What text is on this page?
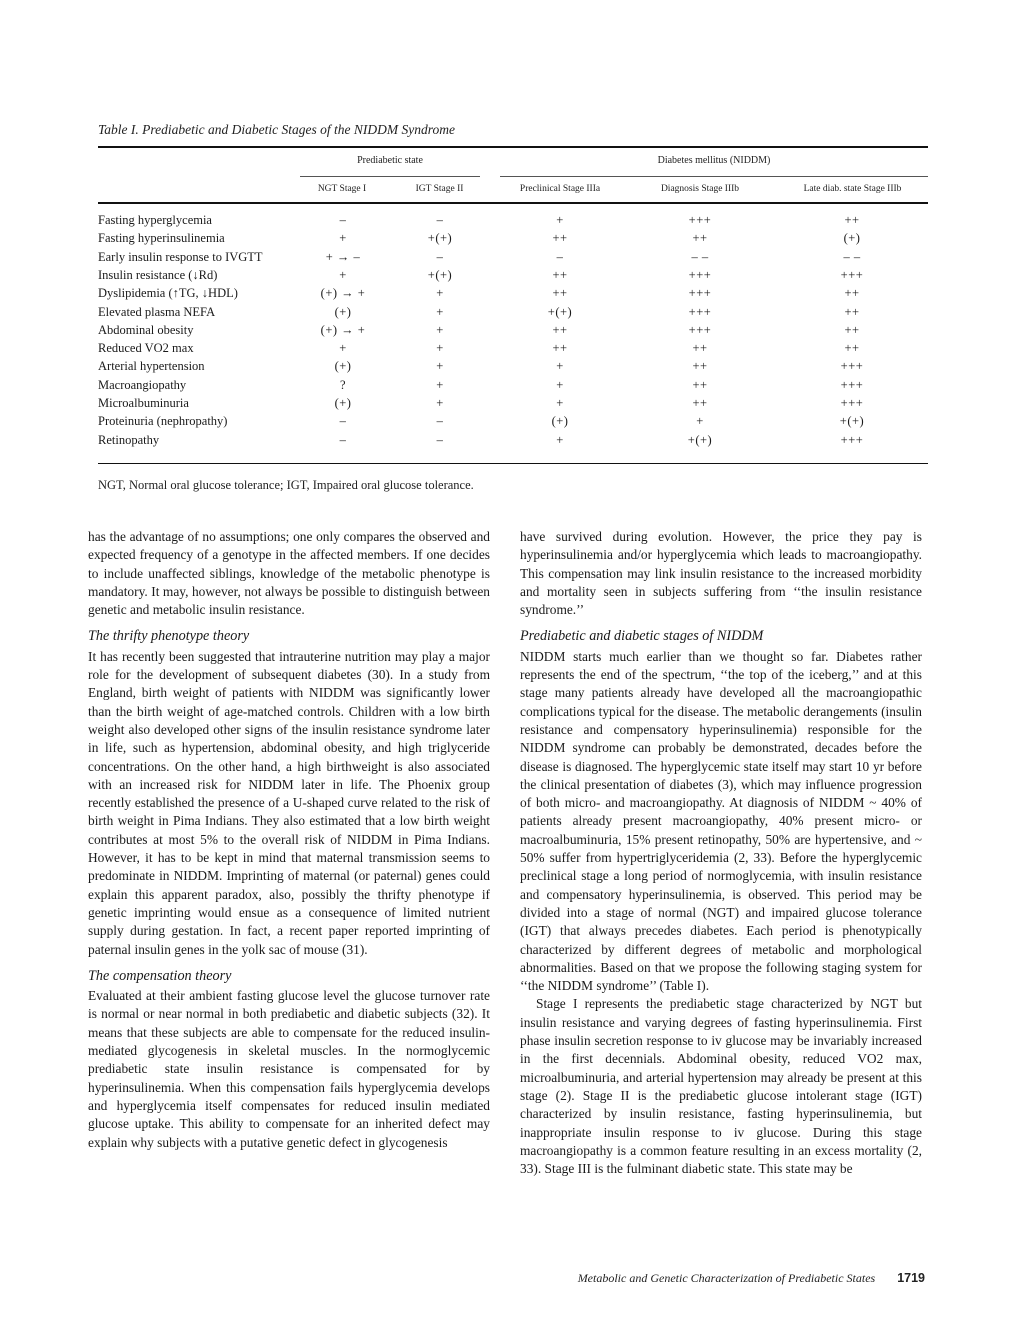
Table I. Prediabetic and Diabetic Stages of the NIDDM Syndrome
Prediabetic state	Diabetes mellitus (NIDDM)
NGT Stage I	IGT Stage II	Preclinical Stage IIIa	Diagnosis Stage IIIb	Late diab. state Stage IIIb
Fasting hyperglycemia	–	–	+	+++	++
Fasting hyperinsulinemia	+	+(+)	++	++	(+)
Early insulin response to IVGTT	+ → –	–	–	– –	– –
Insulin resistance (↓Rd)	+	+(+)	++	+++	+++
Dyslipidemia (↑TG, ↓HDL)	(+) → +	+	++	+++	++
Elevated plasma NEFA	(+)	+	+(+)	+++	++
Abdominal obesity	(+) → +	+	++	+++	++
Reduced VO2 max	+	+	++	++	++
Arterial hypertension	(+)	+	+	++	+++
Macroangiopathy	?	+	+	++	+++
Microalbuminuria	(+)	+	+	++	+++
Proteinuria (nephropathy)	–	–	(+)	+	+(+)
Retinopathy	–	–	+	+(+)	+++
NGT, Normal oral glucose tolerance; IGT, Impaired oral glucose tolerance.

has the advantage of no assumptions; one only compares the observed and expected frequency of a genotype in the affected members. If one decides to include unaffected siblings, knowledge of the metabolic phenotype is mandatory. It may, however, not always be possible to distinguish between genetic and metabolic insulin resistance.

The thrifty phenotype theory

It has recently been suggested that intrauterine nutrition may play a major role for the development of subsequent diabetes (30). In a study from England, birth weight of patients with NIDDM was significantly lower than the birth weight of age-matched controls. Children with a low birth weight also developed other signs of the insulin resistance syndrome later in life, such as hypertension, abdominal obesity, and high triglyceride concentrations. On the other hand, a high birthweight is also associated with an increased risk for NIDDM later in life. The Phoenix group recently established the presence of a U-shaped curve related to the risk of birth weight in Pima Indians. They also estimated that a low birth weight contributes at most 5% to the overall risk of NIDDM in Pima Indians. However, it has to be kept in mind that maternal transmission seems to predominate in NIDDM. Imprinting of maternal (or paternal) genes could explain this apparent paradox, also, possibly the thrifty phenotype if genetic imprinting would ensue as a consequence of limited nutrient supply during gestation. In fact, a recent paper reported imprinting of paternal insulin genes in the yolk sac of mouse (31).

The compensation theory

Evaluated at their ambient fasting glucose level the glucose turnover rate is normal or near normal in both prediabetic and diabetic subjects (32). It means that these subjects are able to compensate for the reduced insulin-mediated glycogenesis in skeletal muscles. In the normoglycemic prediabetic state insulin resistance is compensated for by hyperinsulinemia. When this compensation fails hyperglycemia develops and hyperglycemia itself compensates for reduced insulin mediated glucose uptake. This ability to compensate for an inherited defect may explain why subjects with a putative genetic defect in glycogenesis

have survived during evolution. However, the price they pay is hyperinsulinemia and/or hyperglycemia which leads to macroangiopathy. This compensation may link insulin resistance to the increased morbidity and mortality seen in subjects suffering from ‘‘the insulin resistance syndrome.’’

Prediabetic and diabetic stages of NIDDM

NIDDM starts much earlier than we thought so far. Diabetes rather represents the end of the spectrum, ‘‘the top of the iceberg,’’ and at this stage many patients already have developed all the macroangiopathic complications typical for the disease. The metabolic derangements (insulin resistance and compensatory hyperinsulinemia) responsible for the NIDDM syndrome can probably be demonstrated, decades before the disease is diagnosed. The hyperglycemic state itself may start 10 yr before the clinical presentation of diabetes (3), which may influence progression of both micro- and macroangiopathy. At diagnosis of NIDDM ~ 40% of patients already present macroangiopathy, 40% present micro- or macroalbuminuria, 15% present retinopathy, 50% are hypertensive, and ~ 50% suffer from hypertriglyceridemia (2, 33). Before the hyperglycemic preclinical stage a long period of normoglycemia, with insulin resistance and compensatory hyperinsulinemia, is observed. This period may be divided into a stage of normal (NGT) and impaired glucose tolerance (IGT) that always precedes diabetes. Each period is phenotypically characterized by different degrees of metabolic and morphological abnormalities. Based on that we propose the following staging system for ‘‘the NIDDM syndrome’’ (Table I).

Stage I represents the prediabetic stage characterized by NGT but insulin resistance and varying degrees of fasting hyperinsulinemia. First phase insulin secretion response to iv glucose may be invariably increased in the first decennials. Abdominal obesity, reduced VO2 max, microalbuminuria, and arterial hypertension may already be present at this stage (2). Stage II is the prediabetic glucose intolerant stage (IGT) characterized by insulin resistance, fasting hyperinsulinemia, but inappropriate insulin response to iv glucose. During this stage macroangiopathy is a common feature resulting in an excess mortality (2, 33). Stage III is the fulminant diabetic state. This state may be

Metabolic and Genetic Characterization of Prediabetic States 1719
